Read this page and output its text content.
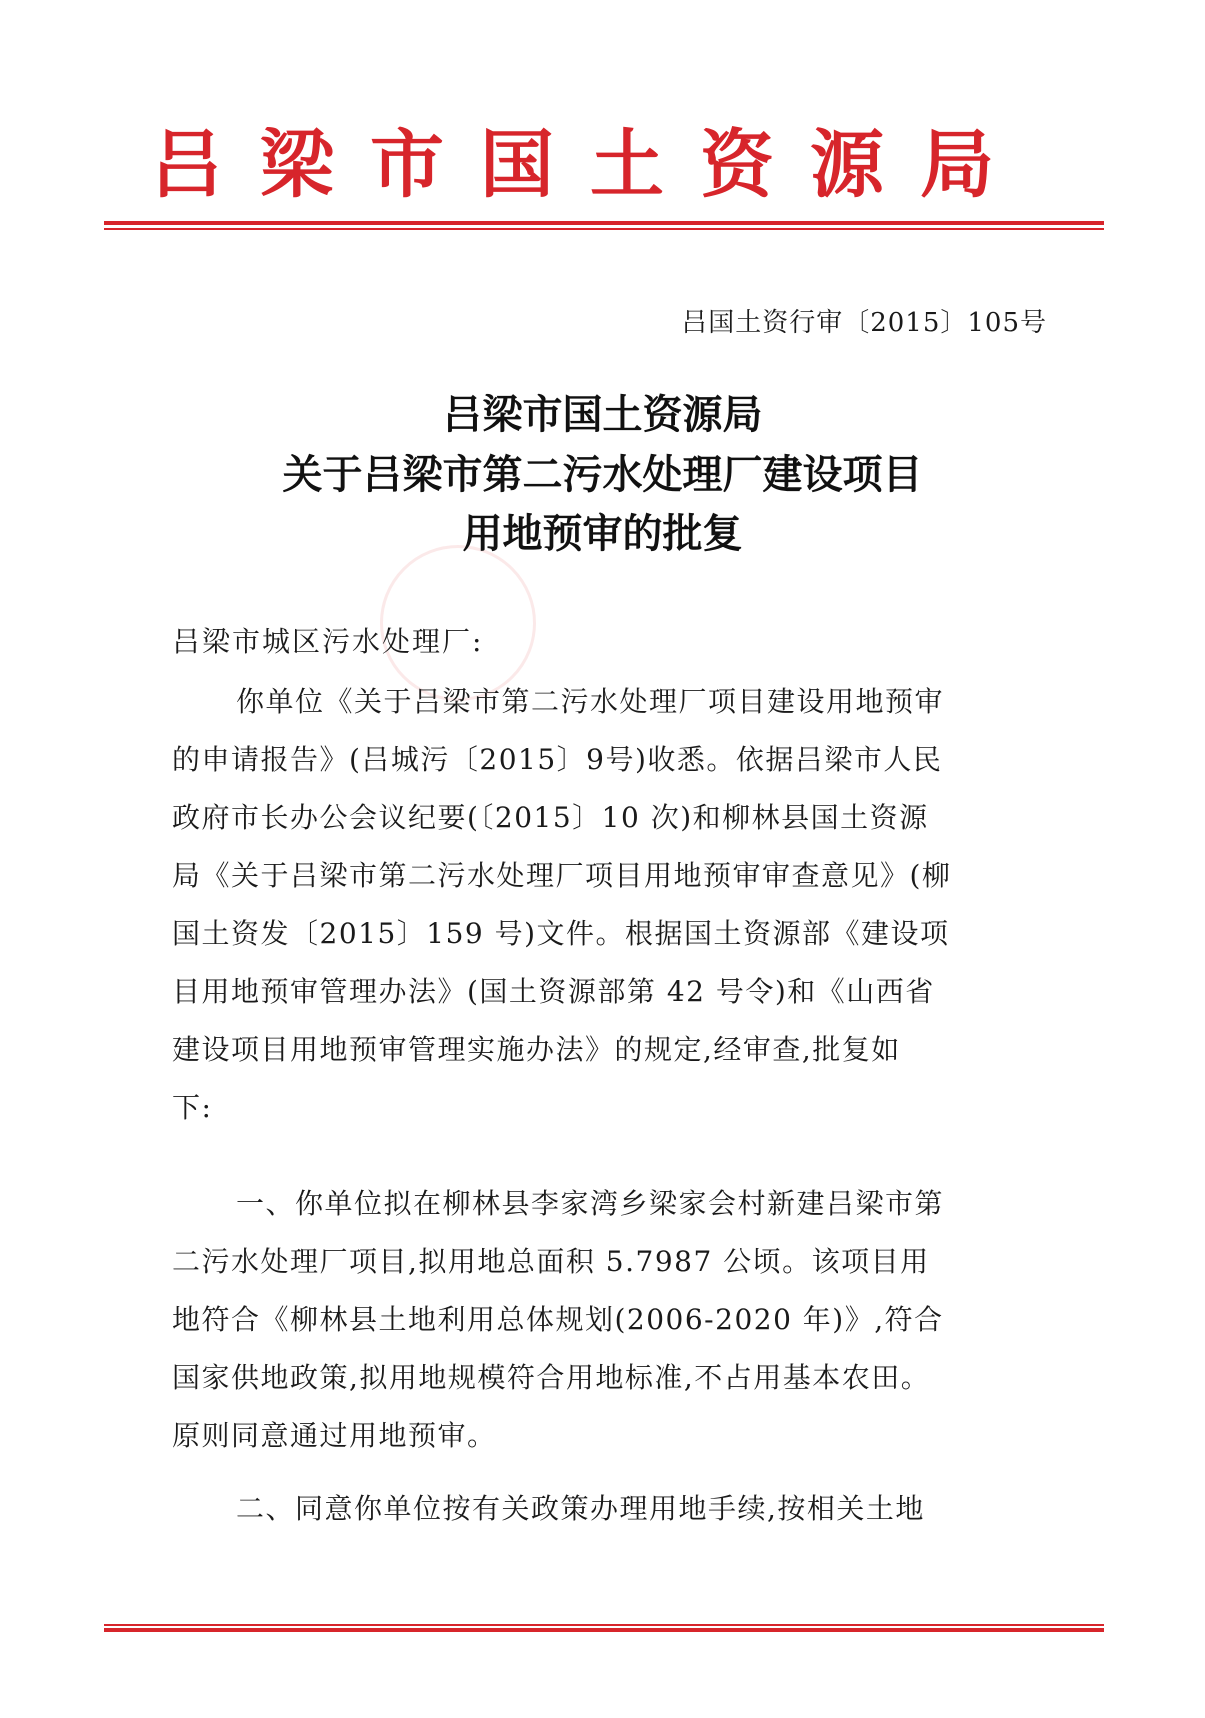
吕梁市国土资源局
吕国土资行审〔2015〕105号
吕梁市国土资源局
关于吕梁市第二污水处理厂建设项目
用地预审的批复
吕梁市城区污水处理厂:
你单位《关于吕梁市第二污水处理厂项目建设用地预审
的申请报告》(吕城污〔2015〕9号)收悉。依据吕梁市人民
政府市长办公会议纪要(〔2015〕10 次)和柳林县国土资源
局《关于吕梁市第二污水处理厂项目用地预审审查意见》(柳
国土资发〔2015〕159 号)文件。根据国土资源部《建设项
目用地预审管理办法》(国土资源部第 42 号令)和《山西省
建设项目用地预审管理实施办法》的规定,经审查,批复如
下:
一、你单位拟在柳林县李家湾乡梁家会村新建吕梁市第
二污水处理厂项目,拟用地总面积 5.7987 公顷。该项目用
地符合《柳林县土地利用总体规划(2006-2020 年)》,符合
国家供地政策,拟用地规模符合用地标准,不占用基本农田。
原则同意通过用地预审。
二、同意你单位按有关政策办理用地手续,按相关土地
